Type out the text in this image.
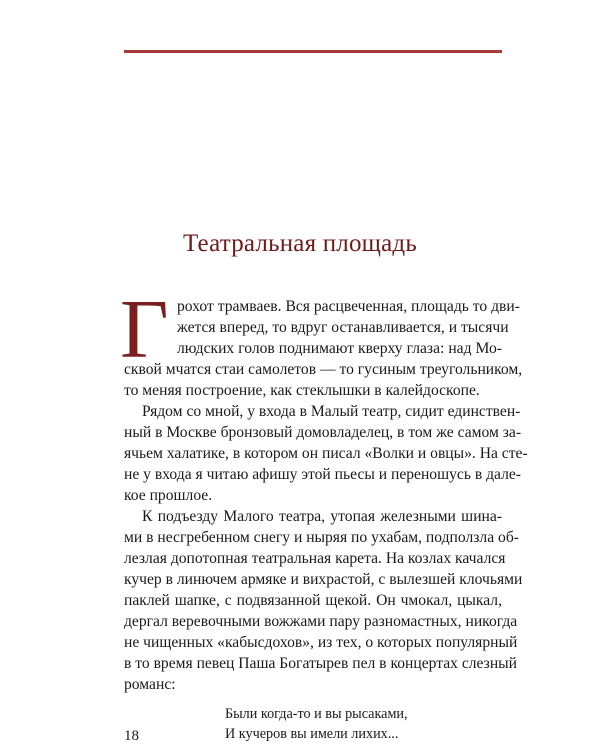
Театральная площадь
Г рохот трамваев. Вся расцвеченная, площадь то дви-
жется вперед, то вдруг останавливается, и тысячи
людских голов поднимают кверху глаза: над Мо-
сквой мчатся стаи самолетов — то гусиным треугольником,
то меняя построение, как стеклышки в калейдоскопе.
Рядом со мной, у входа в Малый театр, сидит единствен-
ный в Москве бронзовый домовладелец, в том же самом за-
ячьем халатике, в котором он писал «Волки и овцы». На сте-
не у входа я читаю афишу этой пьесы и переношусь в дале-
кое прошлое.
К подъезду Малого театра, утопая железными шина-
ми в несгребенном снегу и ныряя по ухабам, подползла об-
лезлая допотопная театральная карета. На козлах качался
кучер в линючем армяке и вихрастой, с вылезшей клочьями
паклей шапке, с подвязанной щекой. Он чмокал, цыкал,
дергал веревочными вожжами пару разномастных, никогда
не чищенных «кабысдохов», из тех, о которых популярный
в то время певец Паша Богатырев пел в концертах слезный
романс:
18
Были когда-то и вы рысаками,
И кучеров вы имели лихих...
